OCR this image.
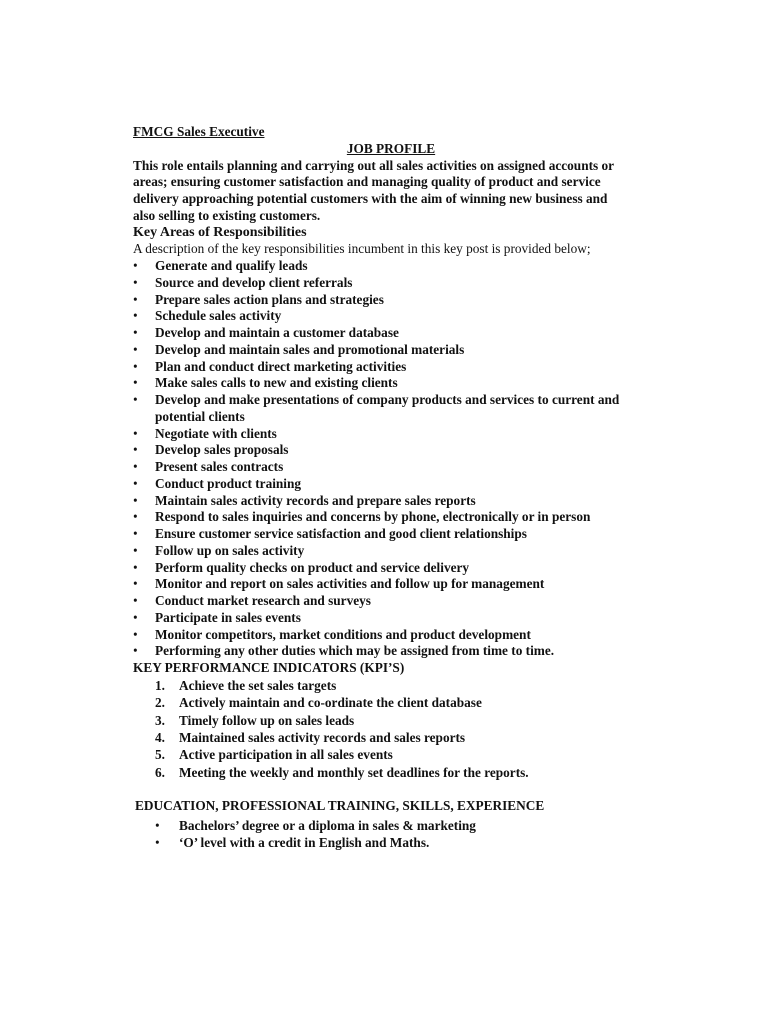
FMCG Sales Executive

JOB PROFILE

This role entails planning and carrying out all sales activities on assigned accounts or areas; ensuring customer satisfaction and managing quality of product and service delivery approaching potential customers with the aim of winning new business and also selling to existing customers.

Key Areas of Responsibilities

A description of the key responsibilities incumbent in this key post is provided below;

• Generate and qualify leads
• Source and develop client referrals
• Prepare sales action plans and strategies
• Schedule sales activity
• Develop and maintain a customer database
• Develop and maintain sales and promotional materials
• Plan and conduct direct marketing activities
• Make sales calls to new and existing clients
• Develop and make presentations of company products and services to current and potential clients
• Negotiate with clients
• Develop sales proposals
• Present sales contracts
• Conduct product training
• Maintain sales activity records and prepare sales reports
• Respond to sales inquiries and concerns by phone, electronically or in person
• Ensure customer service satisfaction and good client relationships
• Follow up on sales activity
• Perform quality checks on product and service delivery
• Monitor and report on sales activities and follow up for management
• Conduct market research and surveys
• Participate in sales events
• Monitor competitors, market conditions and product development
• Performing any other duties which may be assigned from time to time.

KEY PERFORMANCE INDICATORS (KPI’S)

1. Achieve the set sales targets
2. Actively maintain and co-ordinate the client database
3. Timely follow up on sales leads
4. Maintained sales activity records and sales reports
5. Active participation in all sales events
6. Meeting the weekly and monthly set deadlines for the reports.

EDUCATION, PROFESSIONAL TRAINING, SKILLS, EXPERIENCE

• Bachelors’ degree or a diploma in sales & marketing
• ‘O’ level with a credit in English and Maths.
